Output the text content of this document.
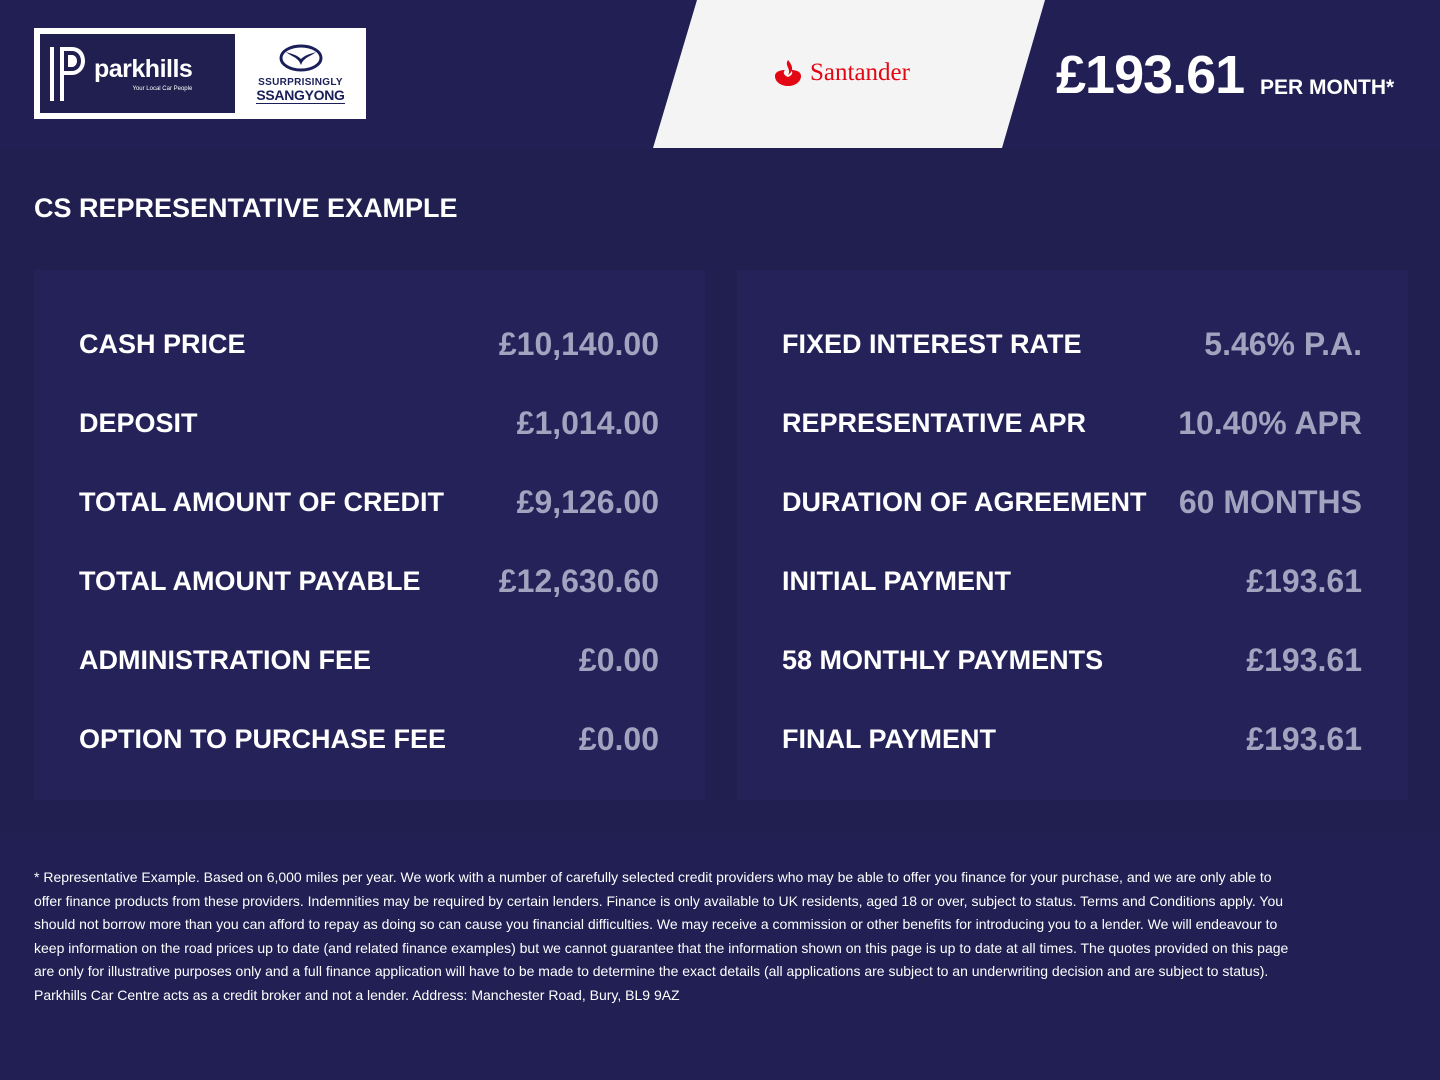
Santander
parkhills
Your Local Car People
SSURPRISINGLY
SSANGYONG	£193.61 PER MONTH*
CS REPRESENTATIVE EXAMPLE
CASH PRICE	£10,140.00
DEPOSIT	£1,014.00
TOTAL AMOUNT OF CREDIT £9,126.00
TOTAL AMOUNT PAYABLE £12,630.60
ADMINISTRATION FEE	£0.00
OPTION TO PURCHASE FEE	£0.00
FIXED INTEREST RATE	5.46% P.A.
REPRESENTATIVE APR	10.40% APR
DURATION OF AGREEMENT 60 MONTHS
INITIAL PAYMENT	£193.61
58 MONTHLY PAYMENTS	£193.61
FINAL PAYMENT	£193.61

* Representative Example. Based on 6,000 miles per year. We work with a number of carefully selected credit providers who may be able to offer you finance for your purchase, and we are only able to offer finance products from these providers. Indemnities may be required by certain lenders. Finance is only available to UK residents, aged 18 or over, subject to status. Terms and Conditions apply. You should not borrow more than you can afford to repay as doing so can cause you financial difficulties. We may receive a commission or other benefits for introducing you to a lender. We will endeavour to keep information on the road prices up to date (and related finance examples) but we cannot guarantee that the information shown on this page is up to date at all times. The quotes provided on this page are only for illustrative purposes only and a full finance application will have to be made to determine the exact details (all applications are subject to an underwriting decision and are subject to status). Parkhills Car Centre acts as a credit broker and not a lender. Address: Manchester Road, Bury, BL9 9AZ
